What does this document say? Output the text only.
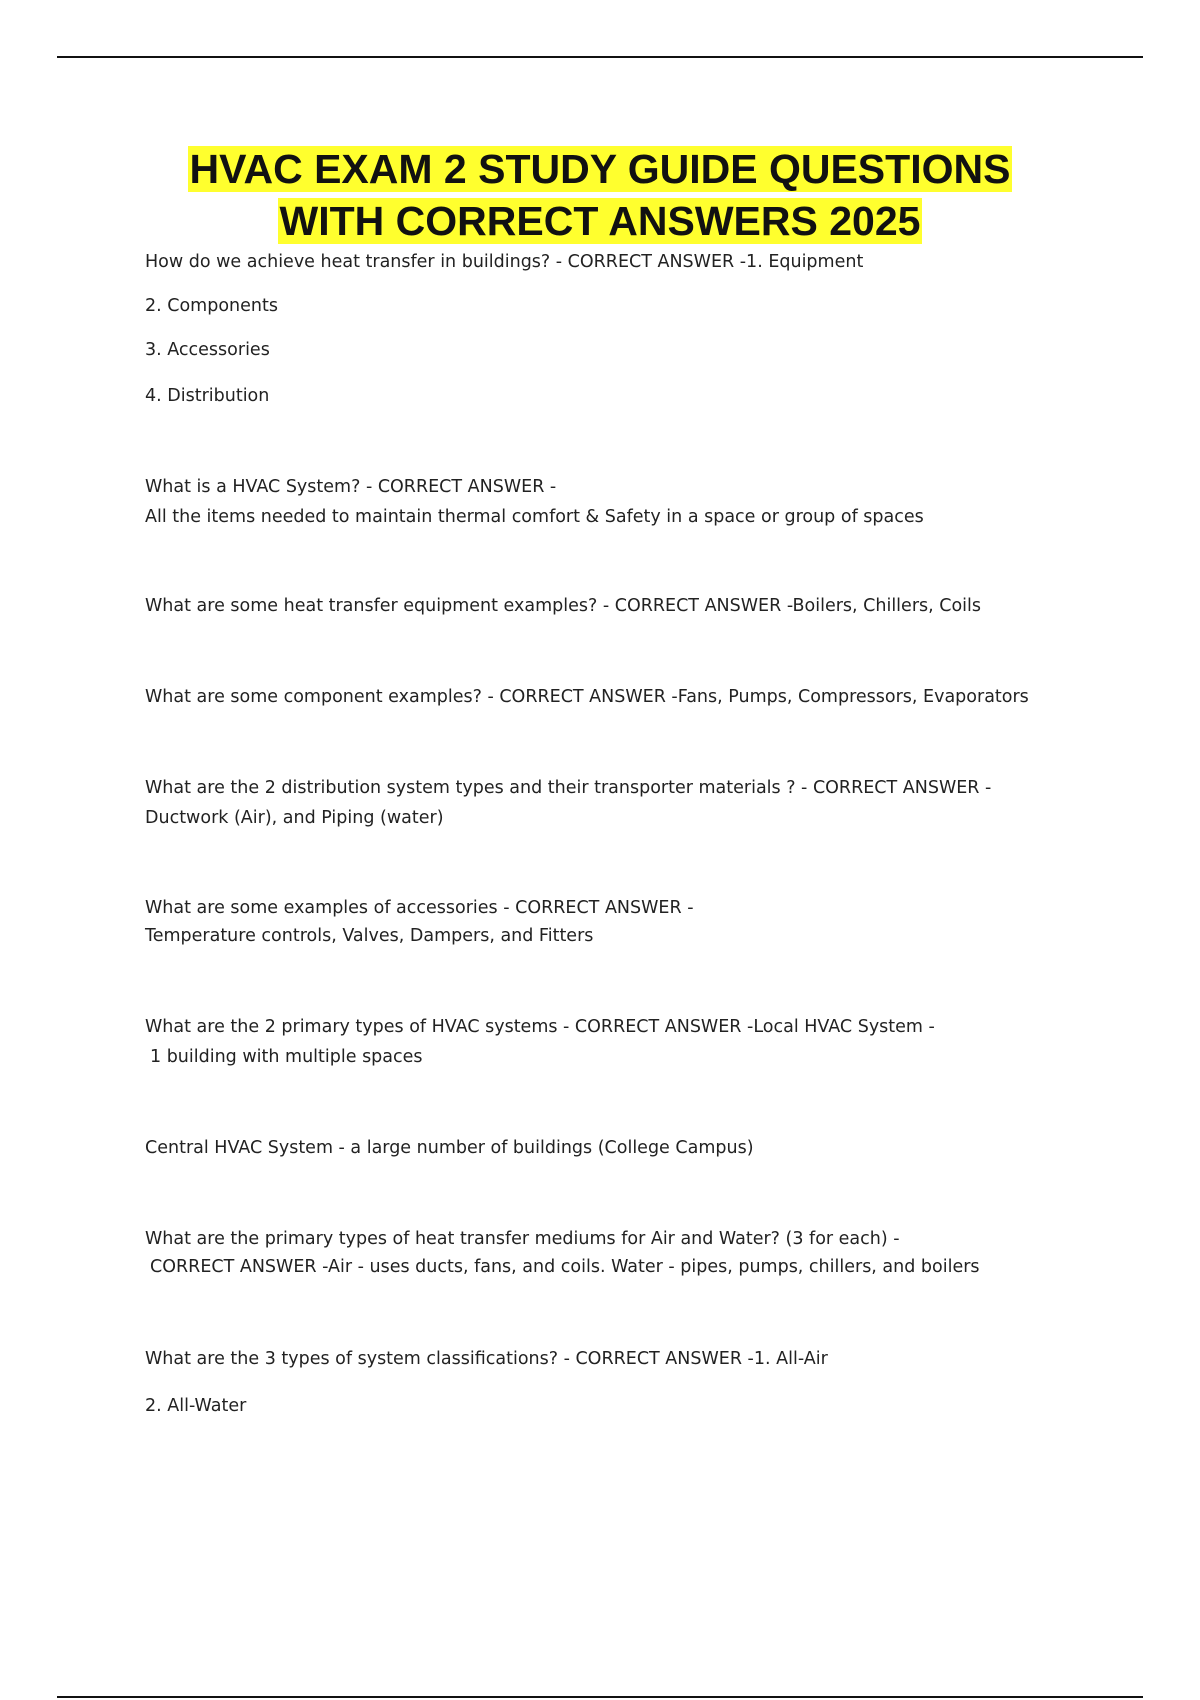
HVAC EXAM 2 STUDY GUIDE QUESTIONS
WITH CORRECT ANSWERS 2025

How do we achieve heat transfer in buildings? - CORRECT ANSWER -1. Equipment

2. Components

3. Accessories

4. Distribution

What is a HVAC System? - CORRECT ANSWER -

All the items needed to maintain thermal comfort & Safety in a space or group of spaces

What are some heat transfer equipment examples? - CORRECT ANSWER -Boilers, Chillers, Coils

What are some component examples? - CORRECT ANSWER -Fans, Pumps, Compressors, Evaporators

What are the 2 distribution system types and their transporter materials ? - CORRECT ANSWER -

Ductwork (Air), and Piping (water)

What are some examples of accessories - CORRECT ANSWER -

Temperature controls, Valves, Dampers, and Fitters

What are the 2 primary types of HVAC systems - CORRECT ANSWER -Local HVAC System -

1 building with multiple spaces

Central HVAC System - a large number of buildings (College Campus)

What are the primary types of heat transfer mediums for Air and Water? (3 for each) -

CORRECT ANSWER -Air - uses ducts, fans, and coils. Water - pipes, pumps, chillers, and boilers

What are the 3 types of system classifications? - CORRECT ANSWER -1. All-Air

2. All-Water
